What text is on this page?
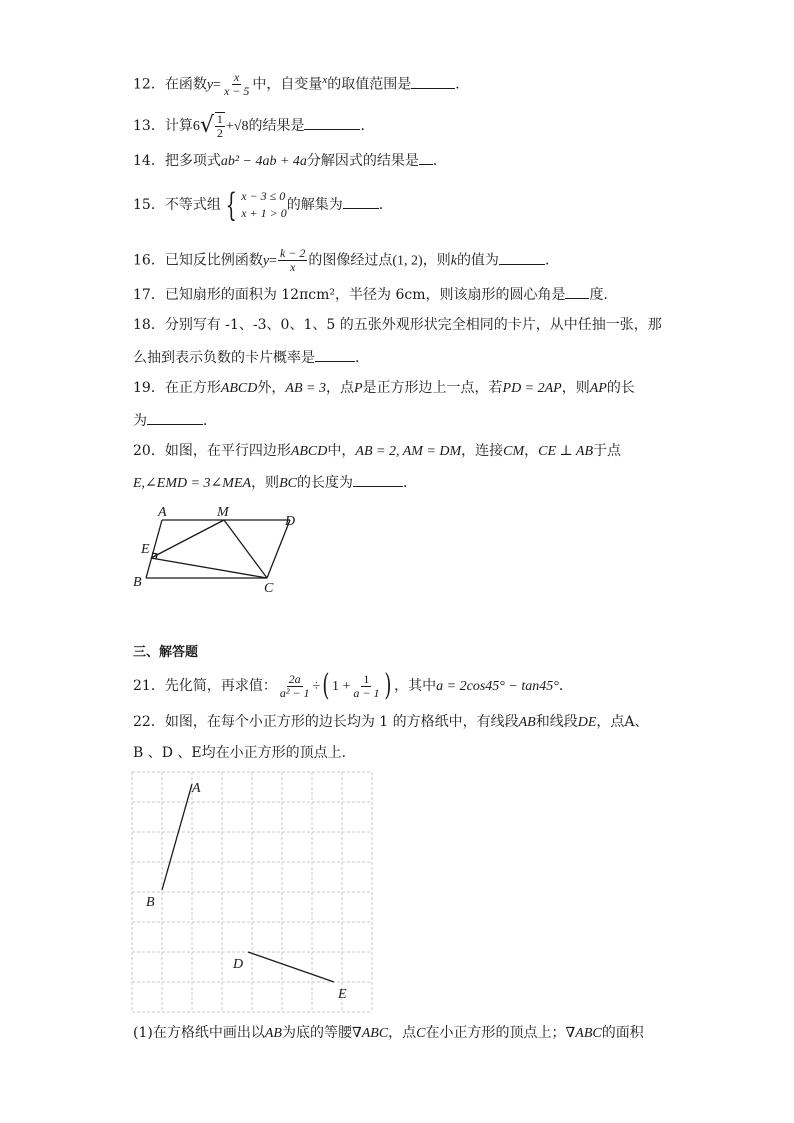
12．在函数$y= \frac{x}{x - 5}$ 中，自变量$^x$的取值范围是	．
13．计算$6√ \frac{1}{2} +√8$的结果是	．
14．把多项式ab² − 4ab + 4a分解因式的结果是 ．
15．不等式组 { x − 3 ≤ 0
x + 1 > 0 的解集为	．
16．已知反比例函数$y= \frac{k - 2}{x}$ 的图像经过点(1, 2)，则k的值为	．
17．已知扇形的面积为 12πcm²，半径为 6cm，则该扇形的圆心角是 度．
18．分别写有 -1、-3、0、1、5 的五张外观形状完全相同的卡片，从中任抽一张，那
么抽到表示负数的卡片概率是	．
19．在正方形ABCD外，AB = 3，点P是正方形边上一点，若PD = 2AP，则AP的长
为	．
20．如图，在平行四边形ABCD中，AB = 2, AM = DM，连接CM，CE ⊥ AB于点
E,∠EMD = 3∠MEA，则BC的长度为	．
A	M
D
E
B	C
三、解答题
21．先化简，再求值： $\frac{2a}{\text{a² − 1}}$ ÷( $1 + \frac{1}{a - 1}$ ) ，其中a = 2cos45° − tan45°．
22．如图，在每个小正方形的边长均为 1 的方格纸中，有线段AB和线段DE，点A、
B 、D 、E均在小正方形的顶点上．
A
B
D
E
(1)在方格纸中画出以AB为底的等腰∇ABC，点C在小正方形的顶点上；∇ABC的面积
